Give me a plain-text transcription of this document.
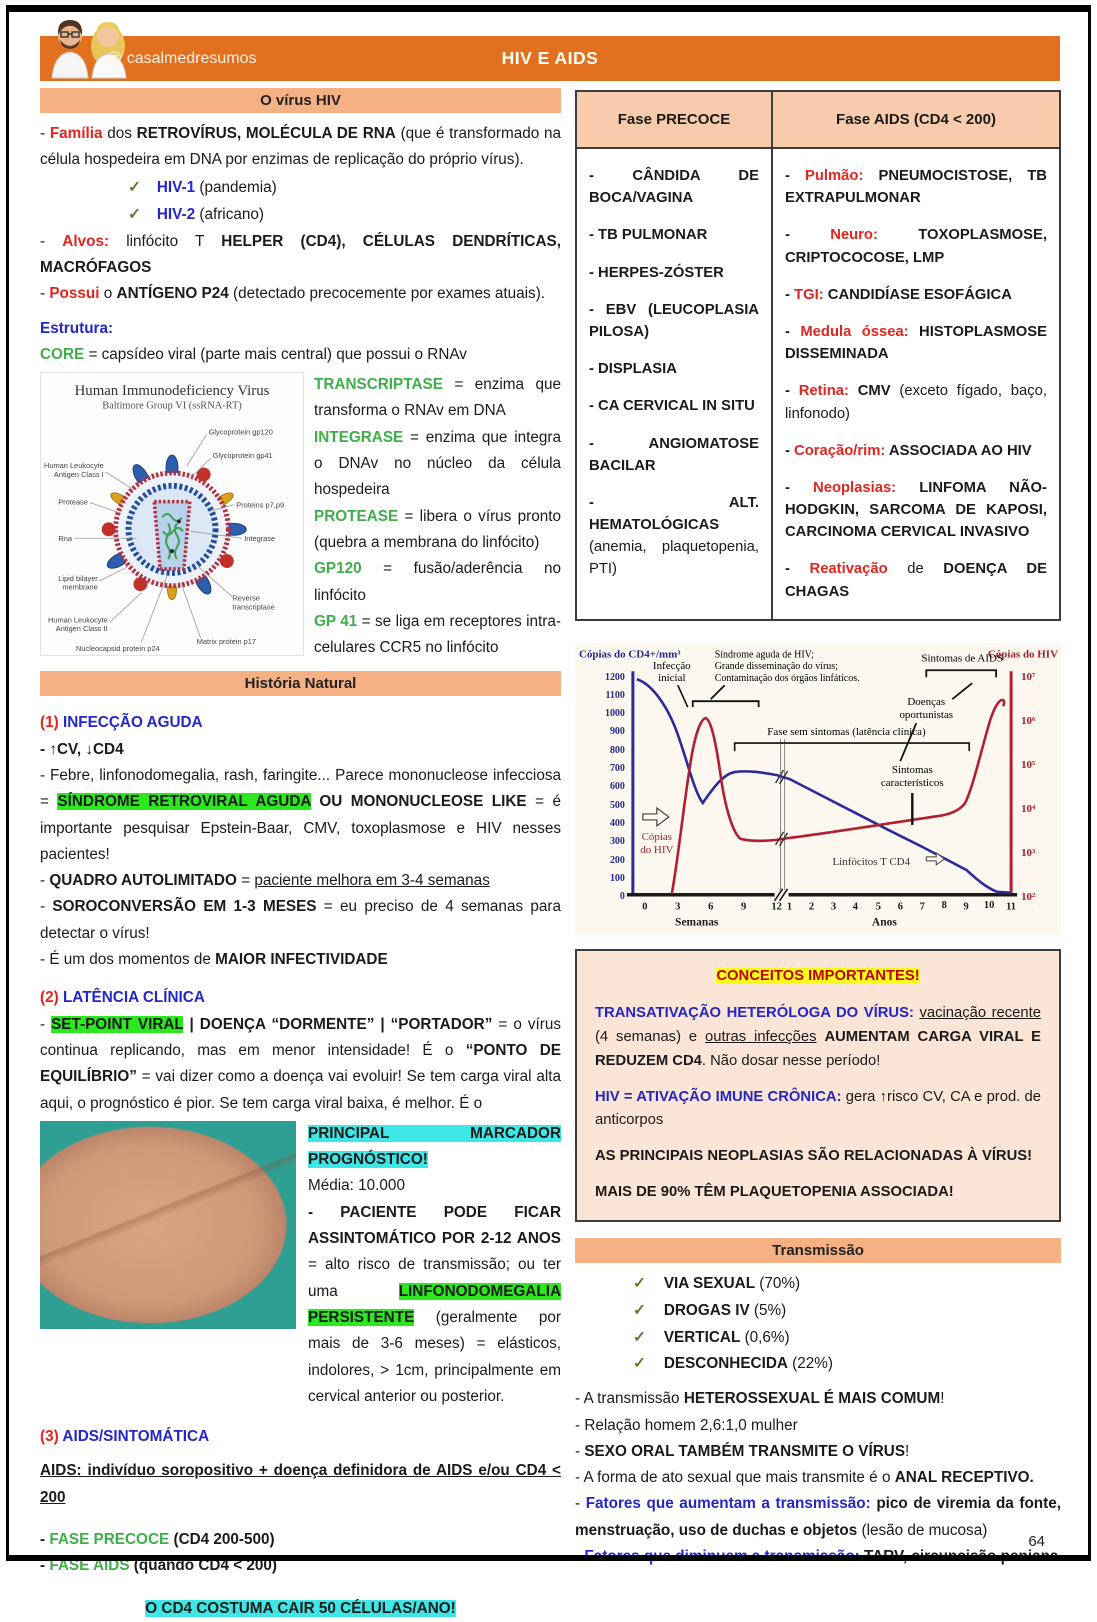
@ casalmedresumos	HIV E AIDS
O vírus HIV

- Família dos RETROVÍRUS, MOLÉCULA DE RNA (que é transformado na célula hospedeira em DNA por enzimas de replicação do próprio vírus).

✓ HIV-1 (pandemia)
✓ HIV-2 (africano)

- Alvos: linfócito T HELPER (CD4), CÉLULAS DENDRÍTICAS, MACRÓFAGOS

- Possui o ANTÍGENO P24 (detectado precocemente por exames atuais).

Estrutura:

CORE = capsídeo viral (parte mais central) que possui o RNAv

Human Immunodeficiency Virus
Baltimore Group VI (ssRNA-RT)
Human Leukocyte
Antigen Class I
Protease
Rna
Lipid bilayer
membrane
Human Leukocyte
Antigen Class II
Glycoprotein gp120
Glycoprotein gp41
Proteins p7,p9
Integrase
Reverse
transcriptase
Matrix protein p17
Nucleocapsid protein p24

TRANSCRIPTASE = enzima que transforma o RNAv em DNA

INTEGRASE = enzima que integra o DNAv no núcleo da célula hospedeira

PROTEASE = libera o vírus pronto (quebra a membrana do linfócito)

GP120 = fusão/aderência no linfócito

GP 41 = se liga em receptores intra-celulares CCR5 no linfócito

História Natural

(1) INFECÇÃO AGUDA

- ↑CV, ↓CD4

- Febre, linfonodomegalia, rash, faringite... Parece mononucleose infecciosa = SÍNDROME RETROVIRAL AGUDA OU MONONUCLEOSE LIKE = é importante pesquisar Epstein-Baar, CMV, toxoplasmose e HIV nesses pacientes!

- QUADRO AUTOLIMITADO = paciente melhora em 3-4 semanas

- SOROCONVERSÃO EM 1-3 MESES = eu preciso de 4 semanas para detectar o vírus!

- É um dos momentos de MAIOR INFECTIVIDADE

(2) LATÊNCIA CLÍNICA

- SET-POINT VIRAL | DOENÇA “DORMENTE” | “PORTADOR” = o vírus continua replicando, mas em menor intensidade! É o “PONTO DE EQUILÍBRIO” = vai dizer como a doença vai evoluir! Se tem carga viral alta aqui, o prognóstico é pior. Se tem carga viral baixa, é melhor. É o

PRINCIPAL MARCADOR PROGNÓSTICO!

Média: 10.000

- PACIENTE PODE FICAR ASSINTOMÁTICO POR 2-12 ANOS = alto risco de transmissão; ou ter uma LINFONODOMEGALIA PERSISTENTE (geralmente por mais de 3-6 meses) = elásticos, indolores, > 1cm, principalmente em cervical anterior ou posterior.

(3) AIDS/SINTOMÁTICA

AIDS: indivíduo soropositivo + doença definidora de AIDS e/ou CD4 < 200

- FASE PRECOCE (CD4 200-500)

- FASE AIDS (quando CD4 < 200)

O CD4 COSTUMA CAIR 50 CÉLULAS/ANO!

Fase PRECOCE	Fase AIDS (CD4 < 200)

- CÂNDIDA DE BOCA/VAGINA

- TB PULMONAR

- HERPES-ZÓSTER

- EBV (LEUCOPLASIA PILOSA)

- DISPLASIA

- CA CERVICAL IN SITU

- ANGIOMATOSE BACILAR

- ALT. HEMATOLÓGICAS (anemia, plaquetopenia, PTI)

- Pulmão: PNEUMOCISTOSE, TB EXTRAPULMONAR

- Neuro: TOXOPLASMOSE, CRIPTOCOCOSE, LMP

- TGI: CANDIDÍASE ESOFÁGICA

- Medula óssea: HISTOPLASMOSE DISSEMINADA

- Retina: CMV (exceto fígado, baço, linfonodo)

- Coração/rim: ASSOCIADA AO HIV

- Neoplasias: LINFOMA NÃO-HODGKIN, SARCOMA DE KAPOSI, CARCINOMA CERVICAL INVASIVO

- Reativação de DOENÇA DE CHAGAS

Cópias do CD4+/mm³	Cópias do HIV
1200
1100
1000
900
800
700
600
500
400
300
200
100
0
10⁷
10⁶
10⁵
10⁴
10³
10²
0	3	6	9 12 1 2 3 4 5 6 7 8 9 10 11
Semanas	Anos
Infecção
inicial
Síndrome aguda de HIV;
Grande disseminação do vírus;
Contaminação dos órgãos linfáticos.
Fase sem sintomas (latência clínica)
Sintomas de AIDS
Doenças
oportunistas
Sintomas
característicos
Cópias
do HIV
Linfócitos T CD4

CONCEITOS IMPORTANTES!

TRANSATIVAÇÃO HETERÓLOGA DO VÍRUS: vacinação recente (4 semanas) e outras infecções AUMENTAM CARGA VIRAL E REDUZEM CD4. Não dosar nesse período!

HIV = ATIVAÇÃO IMUNE CRÔNICA: gera ↑risco CV, CA e prod. de anticorpos

AS PRINCIPAIS NEOPLASIAS SÃO RELACIONADAS À VÍRUS!

MAIS DE 90% TÊM PLAQUETOPENIA ASSOCIADA!

Transmissão
✓ VIA SEXUAL (70%)
✓ DROGAS IV (5%)
✓ VERTICAL (0,6%)
✓ DESCONHECIDA (22%)

- A transmissão HETEROSSEXUAL É MAIS COMUM!

- Relação homem 2,6:1,0 mulher

- SEXO ORAL TAMBÉM TRANSMITE O VÍRUS!

- A forma de ato sexual que mais transmite é o ANAL RECEPTIVO.

- Fatores que aumentam a transmissão: pico de viremia da fonte, menstruação, uso de duchas e objetos (lesão de mucosa)

- Fatores que diminuem a transmissão: TARV, circuncisão peniana

64
